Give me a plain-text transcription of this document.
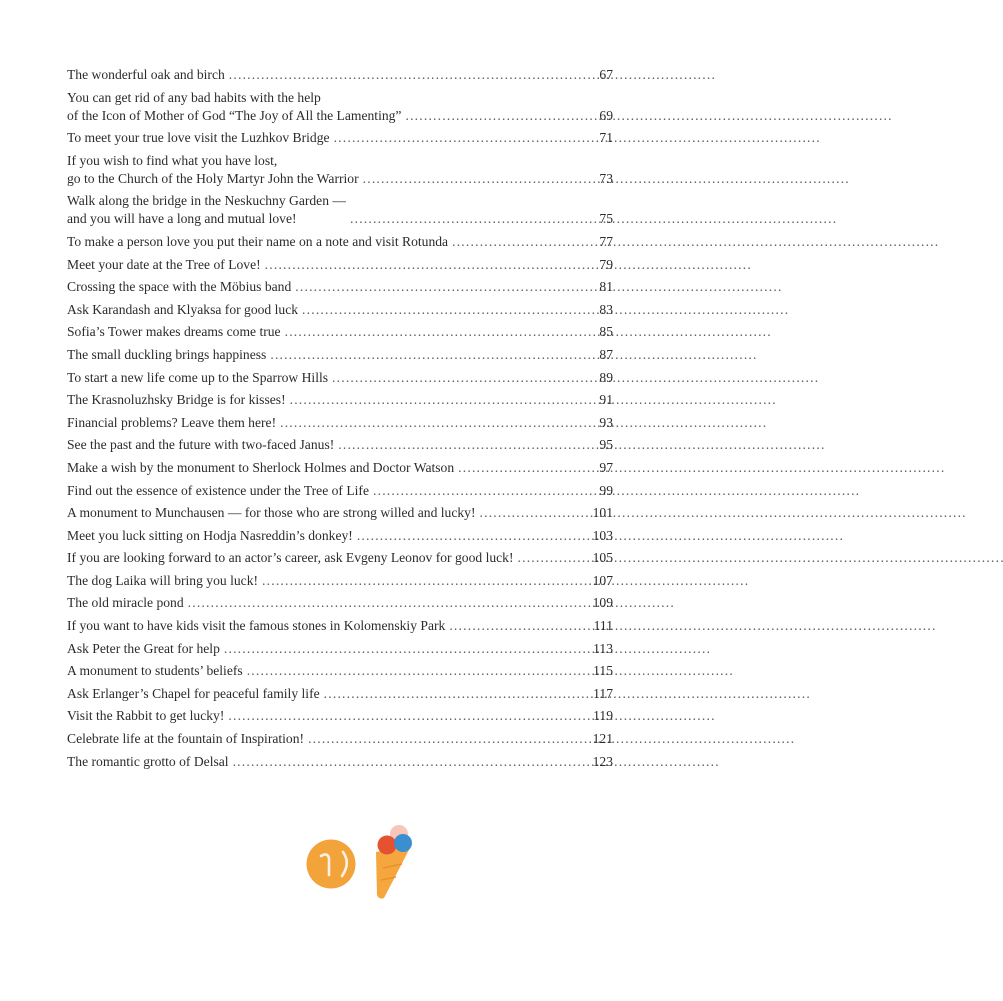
The wonderful oak and birch . . .	67
You can get rid of any bad habits with the help
of the Icon of Mother of God “The Joy of All the Lamenting” . . .	69
To meet your true love visit the Luzhkov Bridge . . .	71
If you wish to find what you have lost,
go to the Church of the Holy Martyr John the Warrior . . .	73
Walk along the bridge in the Neskuchny Garden —
and you will have a long and mutual love! . . .	75
To make a person love you put their name on a note and visit Rotunda . . .	77
Meet your date at the Tree of Love! . . .	79
Crossing the space with the Möbius band . . .	81
Ask Karandash and Klyaksa for good luck . . .	83
Sofia’s Tower makes dreams come true . . .	85
The small duckling brings happiness . . .	87
To start a new life come up to the Sparrow Hills . . .	89
The Krasnoluzhsky Bridge is for kisses! . . .	91
Financial problems? Leave them here! . . .	93
See the past and the future with two-faced Janus! . . .	95
Make a wish by the monument to Sherlock Holmes and Doctor Watson . . .	97
Find out the essence of existence under the Tree of Life . . .	99
A monument to Munchausen — for those who are strong willed and lucky! . . .	101
Meet you luck sitting on Hodja Nasreddin’s donkey! . . .	103
If you are looking forward to an actor’s career, ask Evgeny Leonov for good luck! . . .	105
The dog Laika will bring you luck! . . .	107
The old miracle pond . . .	109
If you want to have kids visit the famous stones in Kolomenskiy Park . . .	111
Ask Peter the Great for help . . .	113
A monument to students’ beliefs . . .	115
Ask Erlanger’s Chapel for peaceful family life . . .	117
Visit the Rabbit to get lucky! . . .	119
Celebrate life at the fountain of Inspiration! . . .	121
The romantic grotto of Delsal . . .	123
